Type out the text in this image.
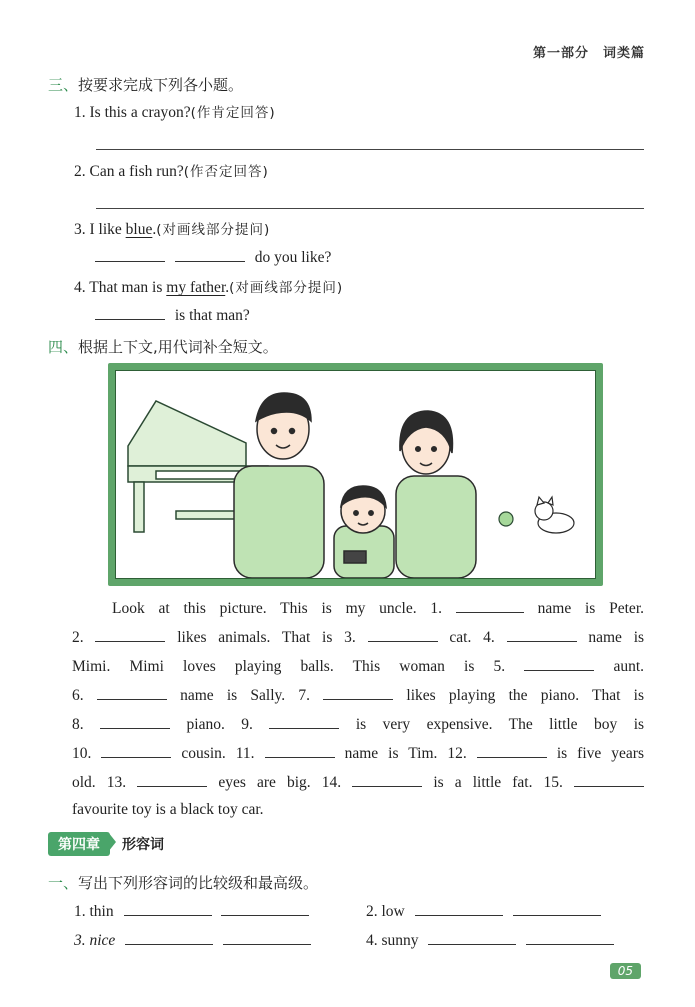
第一部分　词类篇
三、按要求完成下列各小题。
1. Is this a crayon?(作肯定回答)
2. Can a fish run?(作否定回答)
3. I like blue.(对画线部分提问)
do you like?
4. That man is my father.(对画线部分提问)
is that man?
四、根据上下文,用代词补全短文。
Look at this picture. This is my uncle. 1.	name is Peter.
2.	likes animals. That is 3.	cat. 4.	name is
Mimi. Mimi loves playing balls. This woman is 5.	aunt.
6.	name is Sally. 7.	likes playing the piano. That is
8.	piano. 9.	is very expensive. The little boy is
10.	cousin. 11.	name is Tim. 12.	is five years
old. 13.	eyes are big. 14.	is a little fat. 15.
favourite toy is a black toy car.
第四章 形容词
一、写出下列形容词的比较级和最高级。
1. thin	2. low
3. nice	4. sunny
05
